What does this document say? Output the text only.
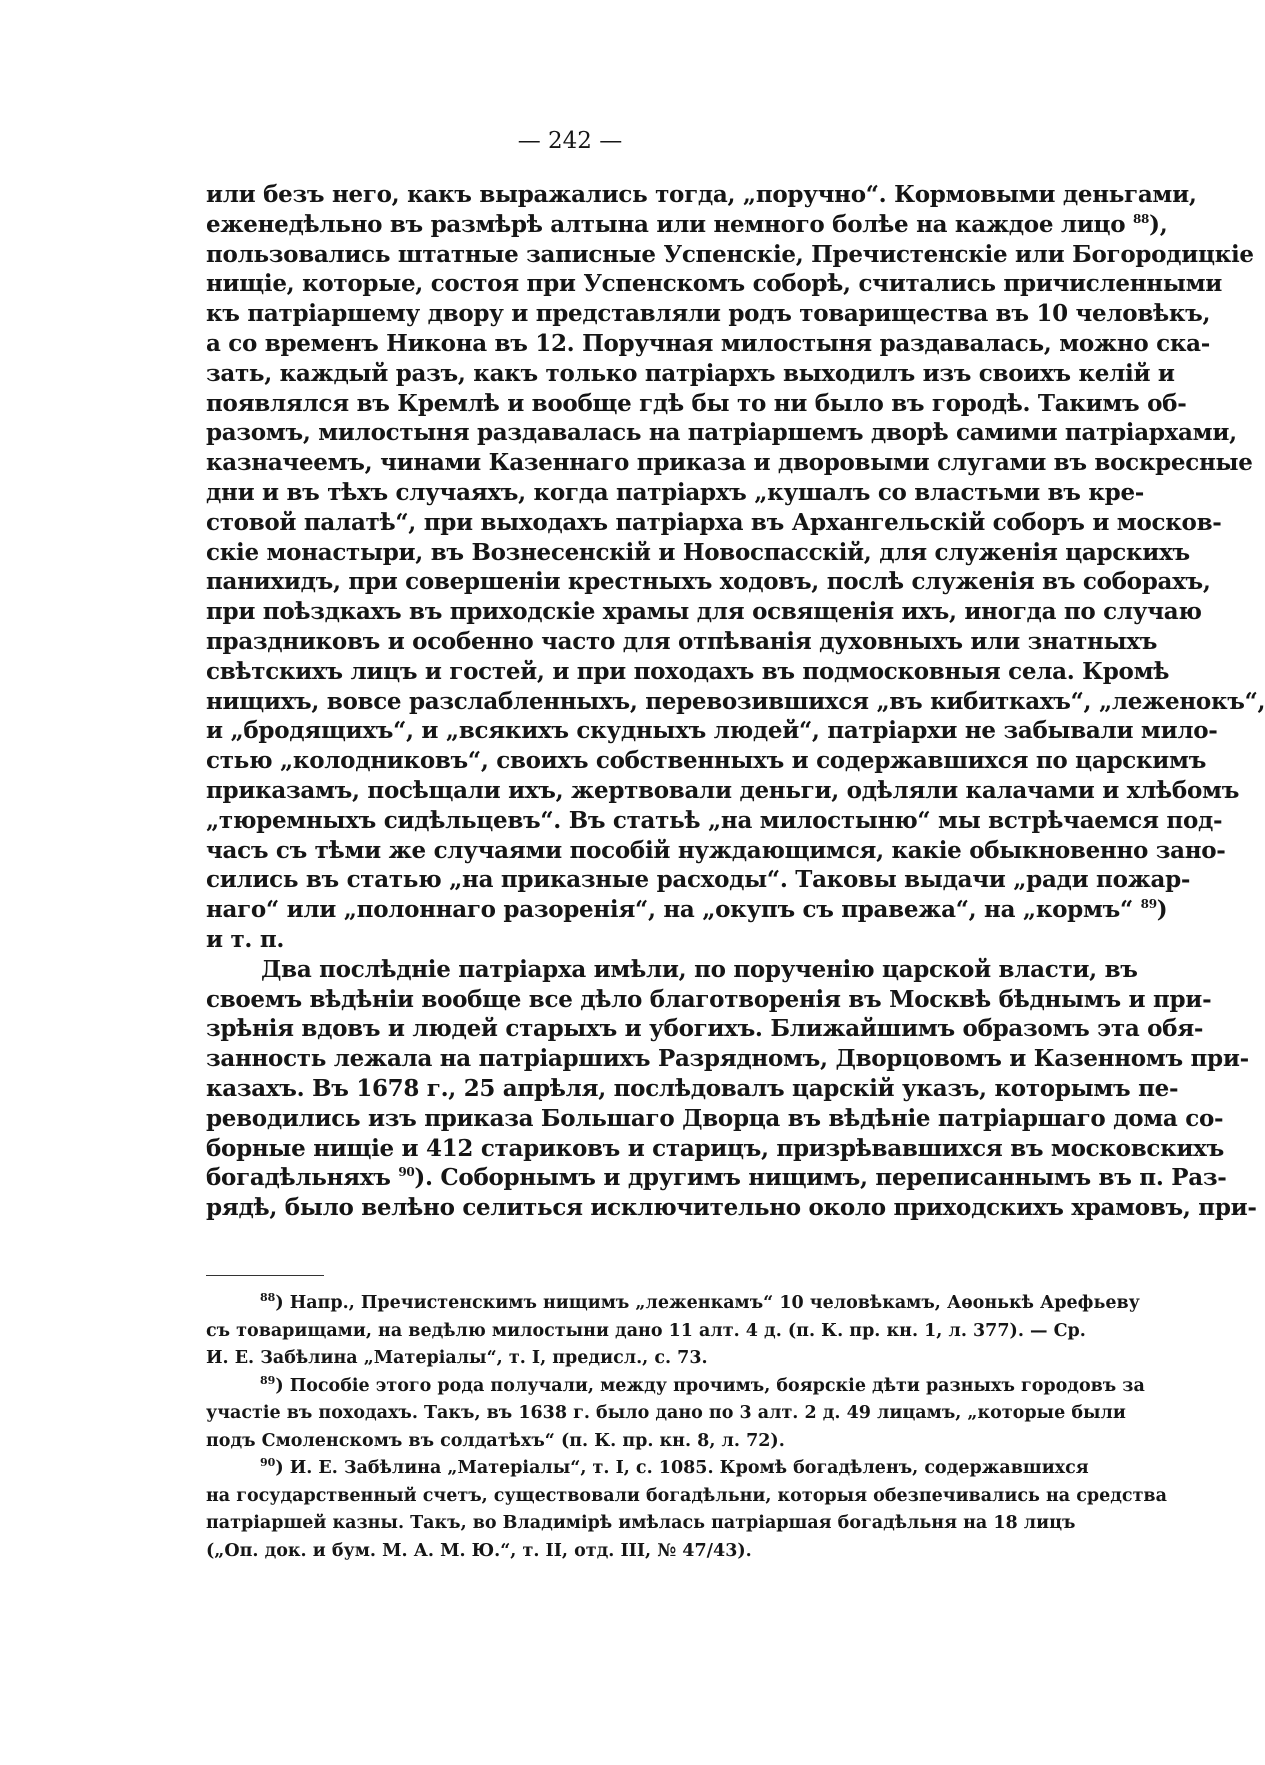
— 242 —
или безъ него, какъ выражались тогда, „поручно“. Кормовыми деньгами,
еженедѣльно въ размѣрѣ алтына или немного болѣе на каждое лицо $^{88}$),
пользовались штатные записные Успенскіе, Пречистенскіе или Богородицкіе
нищіе, которые, состоя при Успенскомъ соборѣ, считались причисленными
къ патріаршему двору и представляли родъ товарищества въ 10 человѣкъ,
а со временъ Никона въ 12. Поручная милостыня раздавалась, можно ска-
зать, каждый разъ, какъ только патріархъ выходилъ изъ своихъ келій и
появлялся въ Кремлѣ и вообще гдѣ бы то ни было въ городѣ. Такимъ об-
разомъ, милостыня раздавалась на патріаршемъ дворѣ самими патріархами,
казначеемъ, чинами Казеннаго приказа и дворовыми слугами въ воскресные
дни и въ тѣхъ случаяхъ, когда патріархъ „кушалъ со властьми въ кре-
стовой палатѣ“, при выходахъ патріарха въ Архангельскій соборъ и москов-
скіе монастыри, въ Вознесенскій и Новоспасскій, для служенія царскихъ
панихидъ, при совершеніи крестныхъ ходовъ, послѣ служенія въ соборахъ,
при поѣздкахъ въ приходскіе храмы для освященія ихъ, иногда по случаю
праздниковъ и особенно часто для отпѣванія духовныхъ или знатныхъ
свѣтскихъ лицъ и гостей, и при походахъ въ подмосковныя села. Кромѣ
нищихъ, вовсе разслабленныхъ, перевозившихся „въ кибиткахъ“, „леженокъ“,
и „бродящихъ“, и „всякихъ скудныхъ людей“, патріархи не забывали мило-
стью „колодниковъ“, своихъ собственныхъ и содержавшихся по царскимъ
приказамъ, посѣщали ихъ, жертвовали деньги, одѣляли калачами и хлѣбомъ
„тюремныхъ сидѣльцевъ“. Въ статьѣ „на милостыню“ мы встрѣчаемся под-
часъ съ тѣми же случаями пособій нуждающимся, какіе обыкновенно зано-
сились въ статью „на приказные расходы“. Таковы выдачи „ради пожар-
наго“ или „полоннаго разоренія“, на „окупъ съ правежа“, на „кормъ“ $^{89}$)
и т. п.
Два послѣдніе патріарха имѣли, по порученію царской власти, въ
своемъ вѣдѣніи вообще все дѣло благотворенія въ Москвѣ бѣднымъ и при-
зрѣнія вдовъ и людей старыхъ и убогихъ. Ближайшимъ образомъ эта обя-
занность лежала на патріаршихъ Разрядномъ, Дворцовомъ и Казенномъ при-
казахъ. Въ 1678 г., 25 апрѣля, послѣдовалъ царскій указъ, которымъ пе-
реводились изъ приказа Большаго Дворца въ вѣдѣніе патріаршаго дома со-
борные нищіе и 412 стариковъ и старицъ, призрѣвавшихся въ московскихъ
богадѣльняхъ $^{90}$). Соборнымъ и другимъ нищимъ, переписаннымъ въ п. Раз-
рядѣ, было велѣно селиться исключительно около приходскихъ храмовъ, при-
$^{88}$) Напр., Пречистенскимъ нищимъ „леженкамъ“ 10 человѣкамъ, Аѳонькѣ Арефьеву
съ товарищами, на ведѣлю милостыни дано 11 алт. 4 д. (п. К. пр. кн. 1, л. 377). — Ср.
И. Е. Забѣлина „Матеріалы“, т. I, предисл., с. 73.
$^{89}$) Пособіе этого рода получали, между прочимъ, боярскіе дѣти разныхъ городовъ за
участіе въ походахъ. Такъ, въ 1638 г. было дано по 3 алт. 2 д. 49 лицамъ, „которые были
подъ Смоленскомъ въ солдатѣхъ“ (п. К. пр. кн. 8, л. 72).
$^{90}$) И. Е. Забѣлина „Матеріалы“, т. I, с. 1085. Кромѣ богадѣленъ, содержавшихся
на государственный счетъ, существовали богадѣльни, которыя обезпечивались на средства
патріаршей казны. Такъ, во Владимірѣ имѣлась патріаршая богадѣльня на 18 лицъ
(„Оп. док. и бум. М. А. М. Ю.“, т. II, отд. III, № 47/43).
